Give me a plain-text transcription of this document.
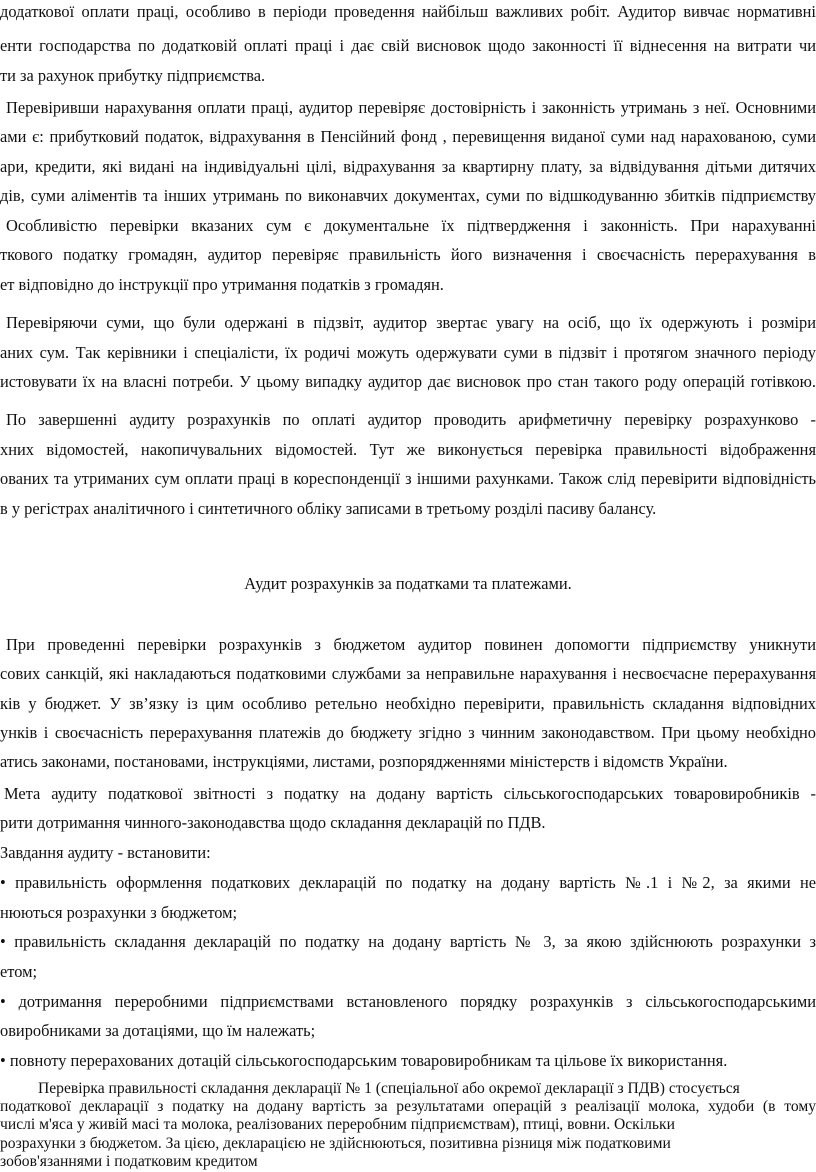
додаткової оплати праці, особливо в періоди проведення найбільш важливих робіт. Аудитор вивчає нормативні
енти господарства по додатковій оплаті праці і дає свій висновок щодо законності її віднесення на витрати чи
ти за рахунок прибутку підприємства.
Перевіривши нарахування оплати праці, аудитор перевіряє достовірність і законність утримань з неї. Основними
ами є: прибутковий податок, відрахування в Пенсійний фонд , перевищення виданої суми над нарахованою, суми
ари, кредити, які видані на індивідуальні цілі, відрахування за квартирну плату, за відвідування дітьми дитячих
дів, суми аліментів та інших утримань по виконавчих документах, суми по відшкодуванню збитків підприємству
Особливістю перевірки вказаних сум є документальне їх підтвердження і законність. При нарахуванні
ткового податку громадян, аудитор перевіряє правильність його визначення і своєчасність перерахування в
ет відповідно до інструкції про утримання податків з громадян.
Перевіряючи суми, що були одержані в підзвіт, аудитор звертає увагу на осіб, що їх одержують і розміри
аних сум. Так керівники і спеціалісти, їх родичі можуть одержувати суми в підзвіт і протягом значного періоду
истовувати їх на власні потреби. У цьому випадку аудитор дає висновок про стан такого роду операцій готівкою.
По завершенні аудиту розрахунків по оплаті аудитор проводить арифметичну перевірку розрахунково -
хних відомостей, накопичувальних відомостей. Тут же виконується перевірка правильності відображення
ованих та утриманих сум оплати праці в кореспонденції з іншими рахунками. Також слід перевірити відповідність
в у регістрах аналітичного і синтетичного обліку записами в третьому розділі пасиву балансу.
Аудит розрахунків за податками та платежами.
При проведенні перевірки розрахунків з бюджетом аудитор повинен допомогти підприємству уникнути
сових санкцій, які накладаються податковими службами за неправильне нарахування і несвоєчасне перерахування
ків у бюджет. У зв’язку із цим особливо ретельно необхідно перевірити, правильність складання відповідних
унків і своєчасність перерахування платежів до бюджету згідно з чинним законодавством. При цьому необхідно
атись законами, постановами, інструкціями, листами, розпорядженнями міністерств і відомств України.
Мета аудиту податкової звітності з податку на додану вартість сільськогосподарських товаровиробників -
рити дотримання чинного-законодавства щодо складання декларацій по ПДВ.
Завдання аудиту - встановити:
• правильність оформлення податкових декларацій по податку на додану вартість №.1 і №2, за якими не
нюються розрахунки з бюджетом;
• правильність складання декларацій по податку на додану вартість № 3, за якою здійснюють розрахунки з
етом;
• дотримання переробними підприємствами встановленого порядку розрахунків з сільськогосподарськими
овиробниками за дотаціями, що їм належать;
• повноту перерахованих дотацій сільськогосподарським товаровиробникам та цільове їх використання.
Перевірка правильності складання декларації № 1 (спеціальної або окремої декларації з ПДВ) стосується
податкової декларації з податку на додану вартість за результатами операцій з реалізації молока, худоби (в тому
числі м'яса у живій масі та молока, реалізованих переробним підприємствам), птиці, вовни. Оскільки
розрахунки з бюджетом. За цією, декларацією не здійснюються, позитивна різниця між податковими
зобов'язаннями і податковим кредитом
